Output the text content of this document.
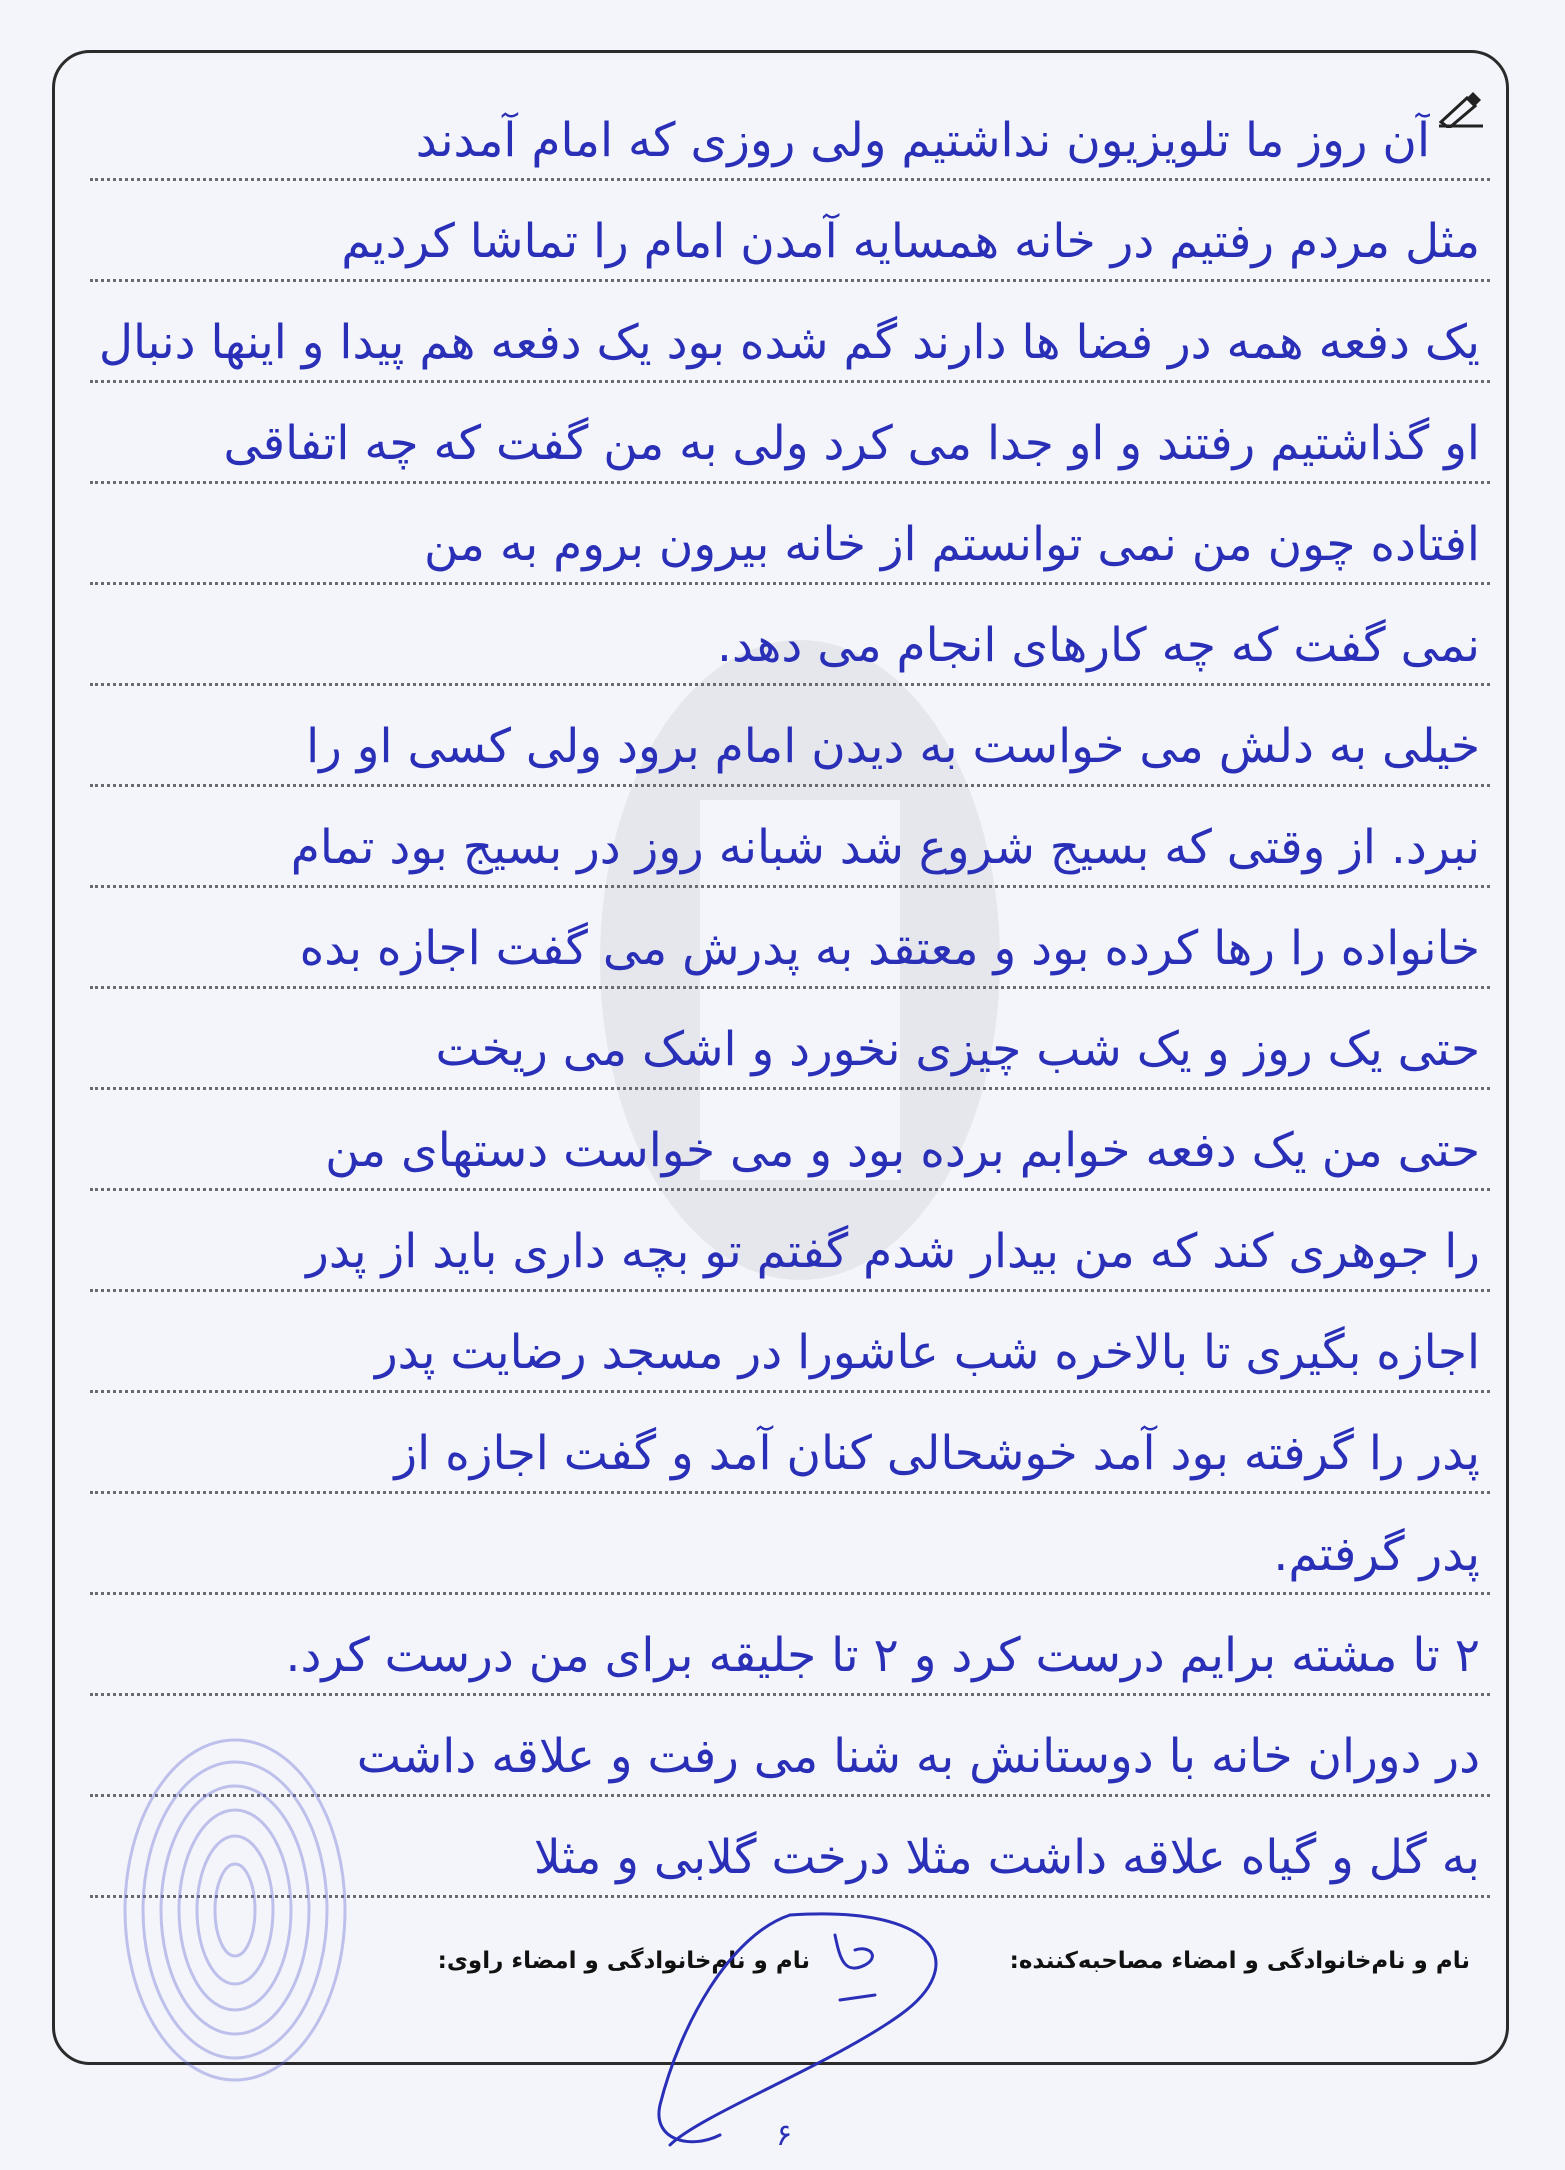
آن روز ما تلویزیون نداشتیم ولی روزی که امام آمدند
مثل مردم رفتیم در خانه همسایه آمدن امام را تماشا کردیم
یک دفعه همه در فضا ها دارند گم شده بود یک دفعه هم پیدا و اینها دنبال
او گذاشتیم رفتند و او جدا می کرد ولی به من گفت که چه اتفاقی
افتاده چون من نمی توانستم از خانه بیرون بروم به من
نمی گفت که چه کارهای انجام می دهد.
خیلی به دلش می خواست به دیدن امام برود ولی کسی او را
نبرد. از وقتی که بسیج شروع شد شبانه روز در بسیج بود تمام
خانواده را رها کرده بود و معتقد به پدرش می گفت اجازه بده
حتی یک روز و یک شب چیزی نخورد و اشک می ریخت
حتی من یک دفعه خوابم برده بود و می خواست دستهای من
را جوهری کند که من بیدار شدم گفتم تو بچه داری باید از پدر
اجازه بگیری تا بالاخره شب عاشورا در مسجد رضایت پدر
پدر را گرفته بود آمد خوشحالی کنان آمد و گفت اجازه از
پدر گرفتم.
۲ تا مشته برایم درست کرد و ۲ تا جلیقه برای من درست کرد.
در دوران خانه با دوستانش به شنا می رفت و علاقه داشت
به گل و گیاه علاقه داشت مثلا درخت گلابی و مثلا
نام و نام‌خانوادگی و امضاء مصاحبه‌کننده:
نام و نام‌خانوادگی و امضاء راوی:
۶
